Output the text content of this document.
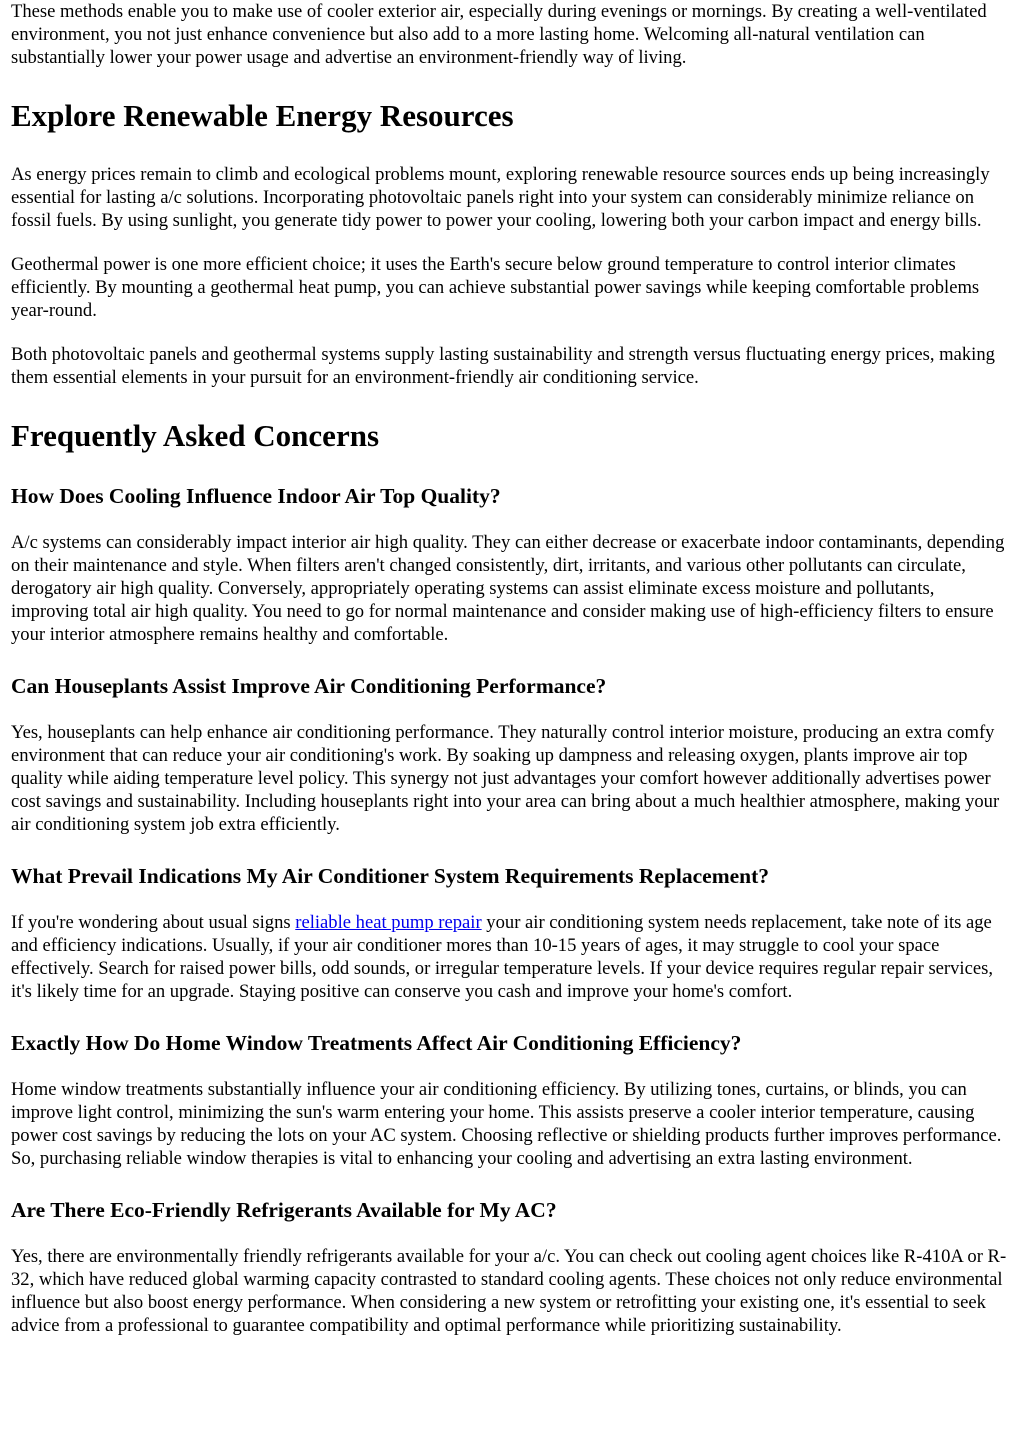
These methods enable you to make use of cooler exterior air, especially during evenings or mornings. By creating a well-ventilated environment, you not just enhance convenience but also add to a more lasting home. Welcoming all-natural ventilation can substantially lower your power usage and advertise an environment-friendly way of living.

Explore Renewable Energy Resources

As energy prices remain to climb and ecological problems mount, exploring renewable resource sources ends up being increasingly essential for lasting a/c solutions. Incorporating photovoltaic panels right into your system can considerably minimize reliance on fossil fuels. By using sunlight, you generate tidy power to power your cooling, lowering both your carbon impact and energy bills.

Geothermal power is one more efficient choice; it uses the Earth's secure below ground temperature to control interior climates efficiently. By mounting a geothermal heat pump, you can achieve substantial power savings while keeping comfortable problems year-round.

Both photovoltaic panels and geothermal systems supply lasting sustainability and strength versus fluctuating energy prices, making them essential elements in your pursuit for an environment-friendly air conditioning service.

Frequently Asked Concerns
How Does Cooling Influence Indoor Air Top Quality?

A/c systems can considerably impact interior air high quality. They can either decrease or exacerbate indoor contaminants, depending on their maintenance and style. When filters aren't changed consistently, dirt, irritants, and various other pollutants can circulate, derogatory air high quality. Conversely, appropriately operating systems can assist eliminate excess moisture and pollutants, improving total air high quality. You need to go for normal maintenance and consider making use of high-efficiency filters to ensure your interior atmosphere remains healthy and comfortable.

Can Houseplants Assist Improve Air Conditioning Performance?

Yes, houseplants can help enhance air conditioning performance. They naturally control interior moisture, producing an extra comfy environment that can reduce your air conditioning's work. By soaking up dampness and releasing oxygen, plants improve air top quality while aiding temperature level policy. This synergy not just advantages your comfort however additionally advertises power cost savings and sustainability. Including houseplants right into your area can bring about a much healthier atmosphere, making your air conditioning system job extra efficiently.

What Prevail Indications My Air Conditioner System Requirements Replacement?

If you're wondering about usual signs reliable heat pump repair your air conditioning system needs replacement, take note of its age and efficiency indications. Usually, if your air conditioner mores than 10-15 years of ages, it may struggle to cool your space effectively. Search for raised power bills, odd sounds, or irregular temperature levels. If your device requires regular repair services, it's likely time for an upgrade. Staying positive can conserve you cash and improve your home's comfort.

Exactly How Do Home Window Treatments Affect Air Conditioning Efficiency?

Home window treatments substantially influence your air conditioning efficiency. By utilizing tones, curtains, or blinds, you can improve light control, minimizing the sun's warm entering your home. This assists preserve a cooler interior temperature, causing power cost savings by reducing the lots on your AC system. Choosing reflective or shielding products further improves performance. So, purchasing reliable window therapies is vital to enhancing your cooling and advertising an extra lasting environment.

Are There Eco-Friendly Refrigerants Available for My AC?

Yes, there are environmentally friendly refrigerants available for your a/c. You can check out cooling agent choices like R-410A or R-32, which have reduced global warming capacity contrasted to standard cooling agents. These choices not only reduce environmental influence but also boost energy performance. When considering a new system or retrofitting your existing one, it's essential to seek advice from a professional to guarantee compatibility and optimal performance while prioritizing sustainability.
